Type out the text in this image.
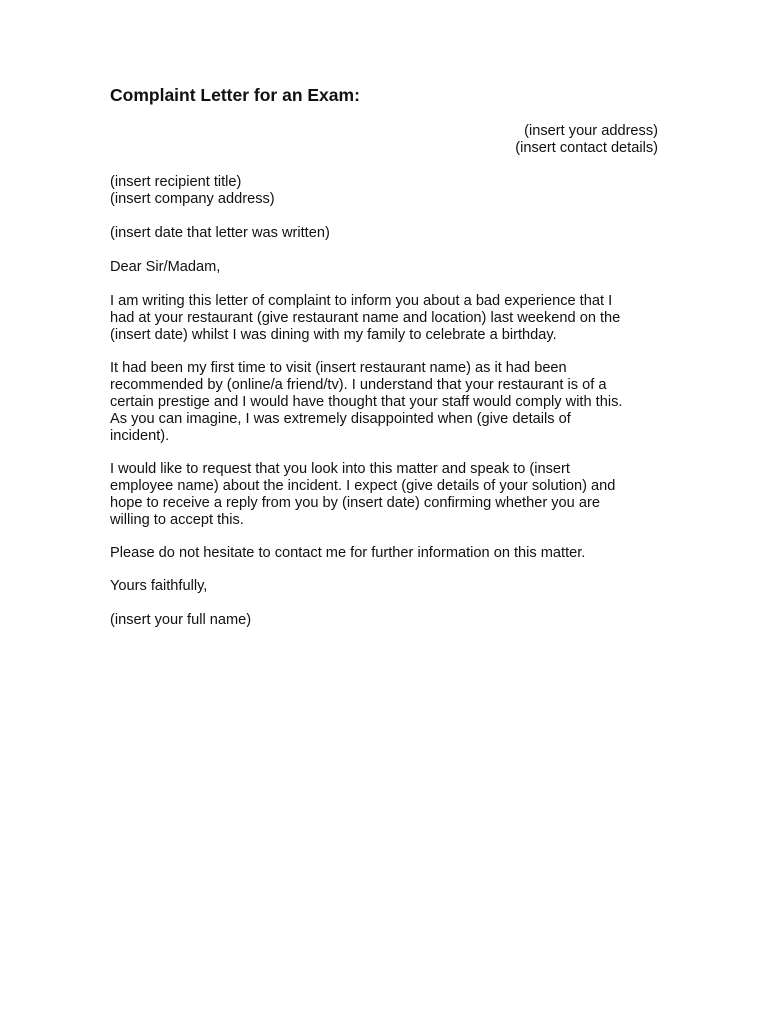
Complaint Letter for an Exam:
(insert your address)
(insert contact details)
(insert recipient title)
(insert company address)
(insert date that letter was written)
Dear Sir/Madam,
I am writing this letter of complaint to inform you about a bad experience that I
had at your restaurant (give restaurant name and location) last weekend on the
(insert date) whilst I was dining with my family to celebrate a birthday.
It had been my first time to visit (insert restaurant name) as it had been
recommended by (online/a friend/tv). I understand that your restaurant is of a
certain prestige and I would have thought that your staff would comply with this.
As you can imagine, I was extremely disappointed when (give details of
incident).
I would like to request that you look into this matter and speak to (insert
employee name) about the incident. I expect (give details of your solution) and
hope to receive a reply from you by (insert date) confirming whether you are
willing to accept this.
Please do not hesitate to contact me for further information on this matter.
Yours faithfully,
(insert your full name)
